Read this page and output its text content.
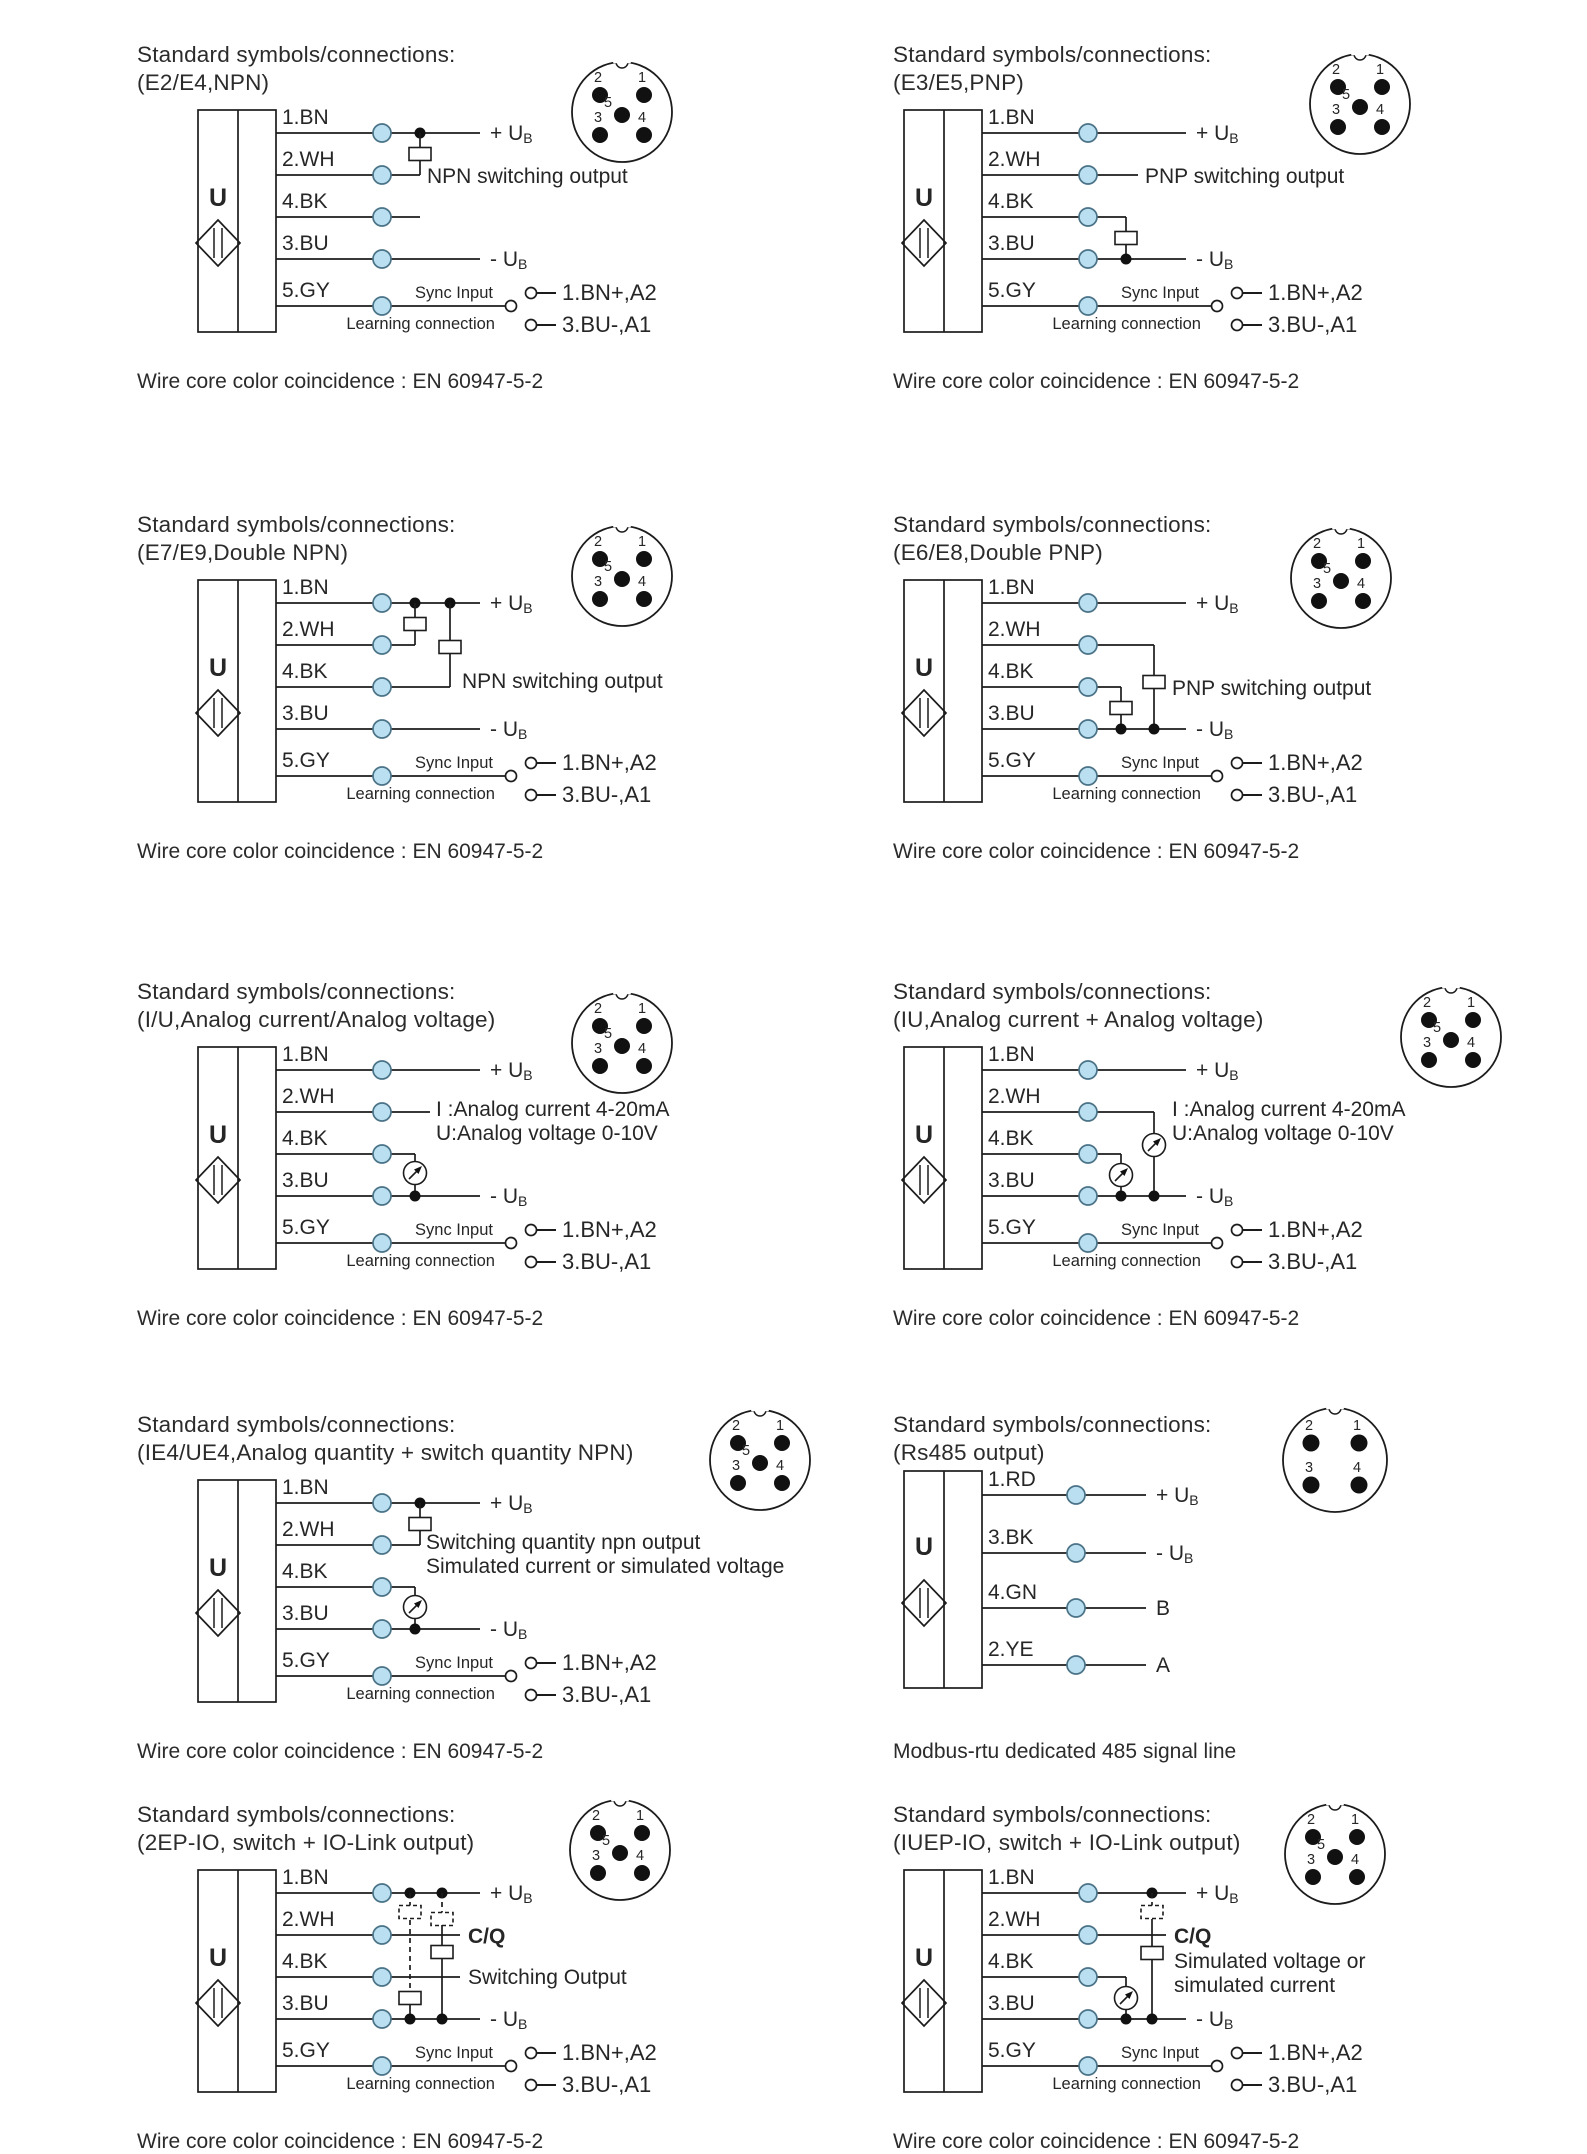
Standard symbols/connections:
(E2/E4,NPN)
U
1.BN
2.WH
4.BK
3.BU
5.GY
NPN switching output
+ UB
- UB
Sync Input
Learning connection
1.BN+,A2
3.BU-,A1
2 1
5
3 4
Wire core color coincidence : EN 60947-5-2
Standard symbols/connections:
(E3/E5,PNP)
U
1.BN
2.WH
4.BK
3.BU
5.GY
PNP switching output
+ UB
- UB
Sync Input
Learning connection
1.BN+,A2
3.BU-,A1
2 1
5
3 4
Wire core color coincidence : EN 60947-5-2
Standard symbols/connections:
(E7/E9,Double NPN)
U
1.BN
2.WH
4.BK
3.BU
5.GY
NPN switching output
+ UB
- UB
Sync Input
Learning connection
1.BN+,A2
3.BU-,A1
2 1
5
3 4
Wire core color coincidence : EN 60947-5-2
Standard symbols/connections:
(E6/E8,Double PNP)
U
1.BN
2.WH
4.BK
3.BU
5.GY
PNP switching output
+ UB
- UB
Sync Input
Learning connection
1.BN+,A2
3.BU-,A1
2 1
5
3 4
Wire core color coincidence : EN 60947-5-2
Standard symbols/connections:
(I/U,Analog current/Analog voltage)
U
1.BN
2.WH
4.BK
3.BU
5.GY
I :Analog current 4-20mA
U:Analog voltage 0-10V
+ UB
- UB
Sync Input
Learning connection
1.BN+,A2
3.BU-,A1
2 1
5
3 4
Wire core color coincidence : EN 60947-5-2
Standard symbols/connections:
(IU,Analog current + Analog voltage)
U
1.BN
2.WH
4.BK
3.BU
5.GY
I :Analog current 4-20mA
U:Analog voltage 0-10V
+ UB
- UB
Sync Input
Learning connection
1.BN+,A2
3.BU-,A1
2 1
5
3 4
Wire core color coincidence : EN 60947-5-2
Standard symbols/connections:
(IE4/UE4,Analog quantity + switch quantity NPN)
U
1.BN
2.WH
4.BK
3.BU
5.GY
Switching quantity npn output
Simulated current or simulated voltage
+ UB
- UB
Sync Input
Learning connection
1.BN+,A2
3.BU-,A1
2 1
5
3 4
Wire core color coincidence : EN 60947-5-2
Standard symbols/connections:
(Rs485 output)
U
1.RD
3.BK
4.GN
2.YE
+ UB
- UB
B
A
2	1
3	4
Modbus-rtu dedicated 485 signal line
Standard symbols/connections:
(2EP-IO, switch + IO-Link output)
U
1.BN
2.WH
4.BK
3.BU
5.GY
C/Q
Switching Output
+ UB
- UB
Sync Input
Learning connection
1.BN+,A2
3.BU-,A1
2 1
5
3 4
Wire core color coincidence : EN 60947-5-2
Standard symbols/connections:
(IUEP-IO, switch + IO-Link output)
U
1.BN
2.WH
4.BK
3.BU
5.GY
C/Q
Simulated voltage or
simulated current
+ UB
- UB
Sync Input
Learning connection
1.BN+,A2
3.BU-,A1
2 1
5
3 4
Wire core color coincidence : EN 60947-5-2
